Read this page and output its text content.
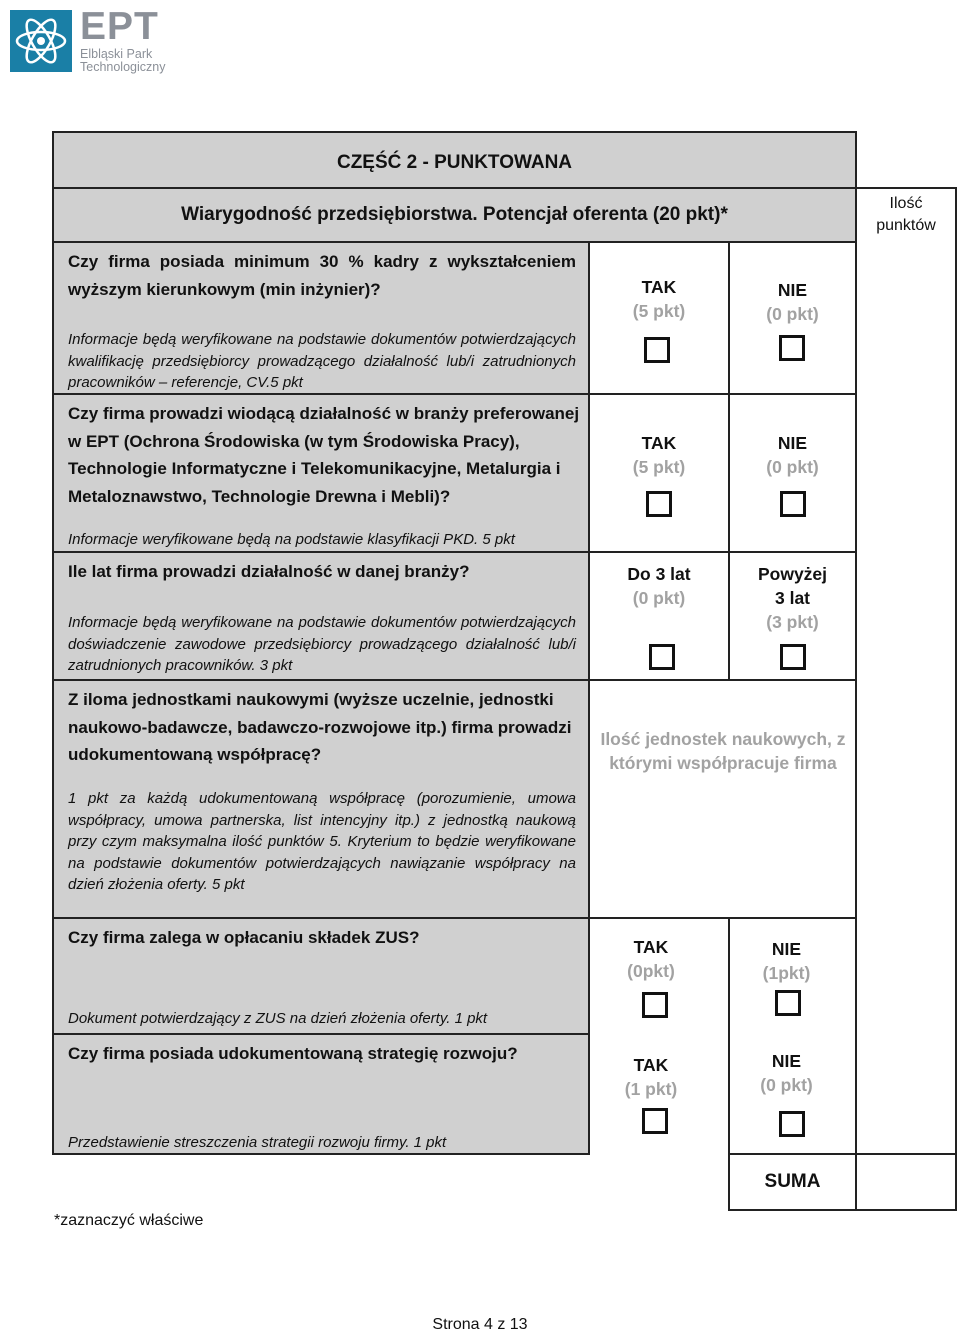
EPT
Elbląski Park
Technologiczny
CZĘŚĆ 2 - PUNKTOWANA
Wiarygodność przedsiębiorstwa. Potencjał oferenta (20 pkt)*
Ilość
punktów
Czy firma posiada minimum 30 % kadry z wykształceniem wyższym kierunkowym (min inżynier)?
Informacje będą weryfikowane na podstawie dokumentów potwierdzających kwalifikację przedsiębiorcy prowadzącego działalność lub/i zatrudnionych pracowników – referencje, CV.5 pkt
TAK
(5 pkt)
NIE
(0 pkt)
Czy firma prowadzi wiodącą działalność w branży preferowanej w EPT (Ochrona Środowiska (w tym Środowiska Pracy), Technologie Informatyczne i Telekomunikacyjne, Metalurgia i Metaloznawstwo, Technologie Drewna i Mebli)?
Informacje weryfikowane będą na podstawie klasyfikacji PKD. 5 pkt
TAK
(5 pkt)
NIE
(0 pkt)
Ile lat firma prowadzi działalność w danej branży?
Informacje będą weryfikowane na podstawie dokumentów potwierdzających doświadczenie zawodowe przedsiębiorcy prowadzącego działalność lub/i zatrudnionych pracowników. 3 pkt
Do 3 lat
(0 pkt)
Powyżej
3 lat
(3 pkt)
Z iloma jednostkami naukowymi (wyższe uczelnie, jednostki naukowo-badawcze, badawczo-rozwojowe itp.) firma prowadzi udokumentowaną współpracę?
1 pkt za każdą udokumentowaną współpracę (porozumienie, umowa współpracy, umowa partnerska, list intencyjny itp.) z jednostką naukową przy czym maksymalna ilość punktów 5. Kryterium to będzie weryfikowane na podstawie dokumentów potwierdzających nawiązanie współpracy na dzień złożenia oferty. 5 pkt
Ilość jednostek naukowych, z
którymi współpracuje firma
Czy firma zalega w opłacaniu składek ZUS?
Dokument potwierdzający z ZUS na dzień złożenia oferty. 1 pkt
TAK
(0pkt)
NIE
(1pkt)
Czy firma posiada udokumentowaną strategię rozwoju?
Przedstawienie streszczenia strategii rozwoju firmy. 1 pkt
TAK
(1 pkt)
NIE
(0 pkt)
SUMA
*zaznaczyć właściwe
Strona 4 z 13
